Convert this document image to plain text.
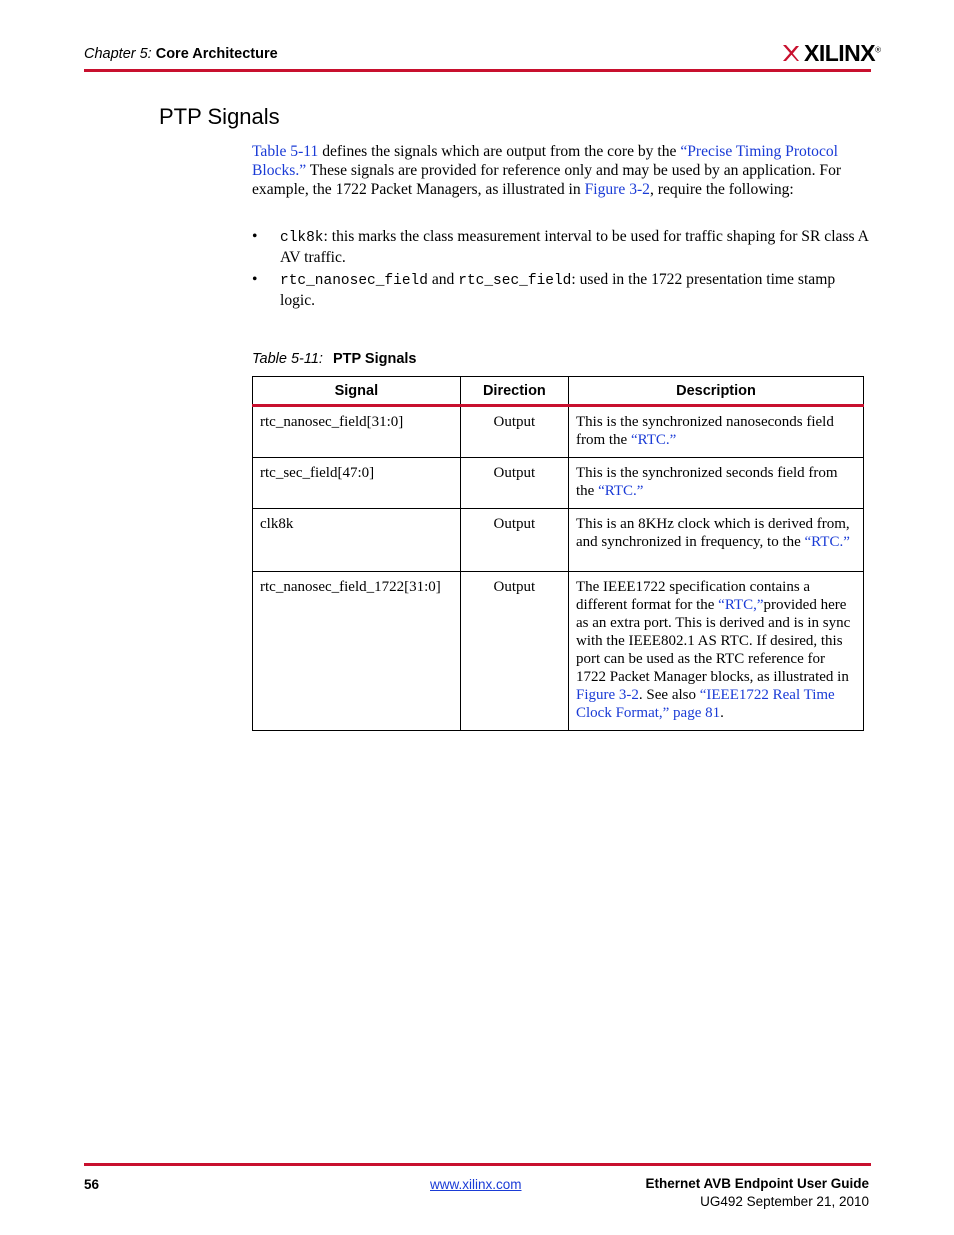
Chapter 5: Core Architecture	XILINX®
PTP Signals
Table 5-11 defines the signals which are output from the core by the “Precise Timing Protocol Blocks.” These signals are provided for reference only and may be used by an application. For example, the 1722 Packet Managers, as illustrated in Figure 3-2, require the following:
• clk8k: this marks the class measurement interval to be used for traffic shaping for SR class A AV traffic.
• rtc_nanosec_field and rtc_sec_field: used in the 1722 presentation time stamp logic.
Table 5-11: PTP Signals
Signal	Direction	Description
rtc_nanosec_field[31:0]	Output	This is the synchronized nanoseconds field from the “RTC.”
rtc_sec_field[47:0]	Output	This is the synchronized seconds field from the “RTC.”
clk8k	Output	This is an 8KHz clock which is derived from, and synchronized in frequency, to the “RTC.”
rtc_nanosec_field_1722[31:0]	Output	The IEEE1722 specification contains a different format for the “RTC,”provided here as an extra port. This is derived and is in sync with the IEEE802.1 AS RTC. If desired, this port can be used as the RTC reference for 1722 Packet Manager blocks, as illustrated in Figure 3-2. See also “IEEE1722 Real Time Clock Format,” page 81.
56	www.xilinx.com	Ethernet AVB Endpoint User Guide
UG492 September 21, 2010
